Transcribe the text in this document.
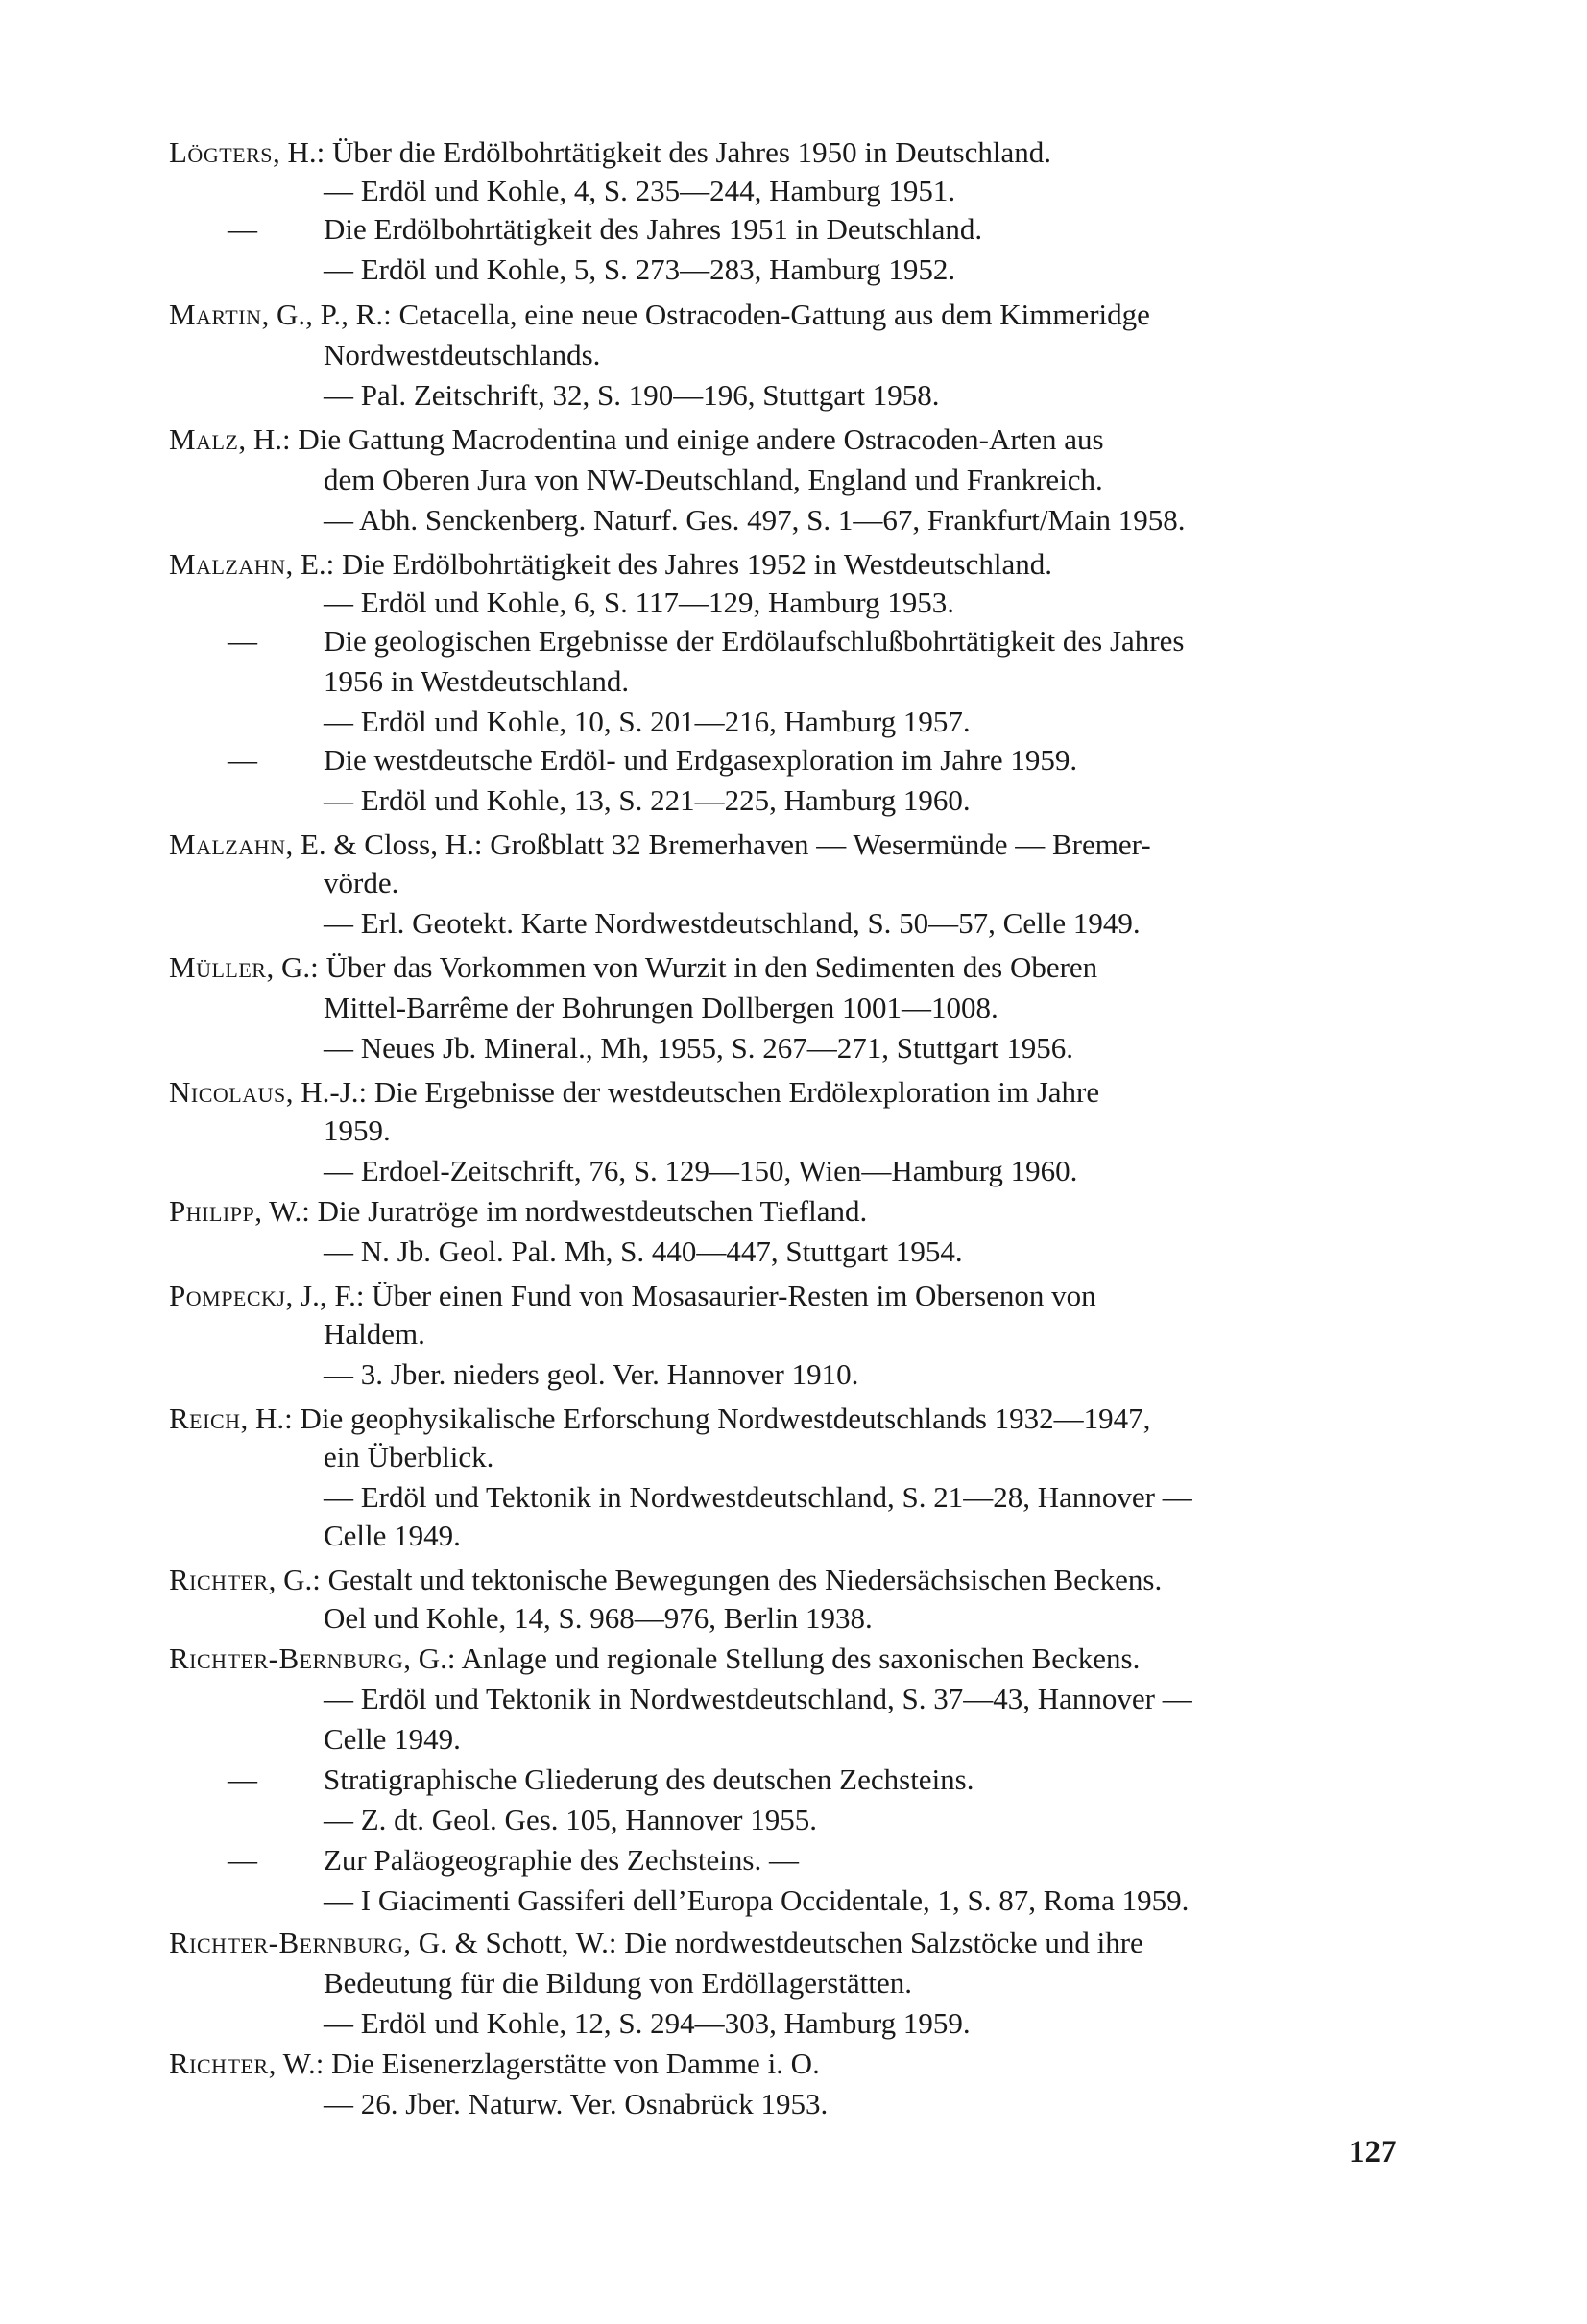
Lögters, H.: Über die Erdölbohrtätigkeit des Jahres 1950 in Deutschland.
— Erdöl und Kohle, 4, S. 235—244, Hamburg 1951.
— Die Erdölbohrtätigkeit des Jahres 1951 in Deutschland.
— Erdöl und Kohle, 5, S. 273—283, Hamburg 1952.
Martin, G., P., R.: Cetacella, eine neue Ostracoden-Gattung aus dem Kimmeridge
Nordwestdeutschlands.
— Pal. Zeitschrift, 32, S. 190—196, Stuttgart 1958.
Malz, H.: Die Gattung Macrodentina und einige andere Ostracoden-Arten aus
dem Oberen Jura von NW-Deutschland, England und Frankreich.
— Abh. Senckenberg. Naturf. Ges. 497, S. 1—67, Frankfurt/Main 1958.
Malzahn, E.: Die Erdölbohrtätigkeit des Jahres 1952 in Westdeutschland.
— Erdöl und Kohle, 6, S. 117—129, Hamburg 1953.
— Die geologischen Ergebnisse der Erdölaufschlußbohrtätigkeit des Jahres
1956 in Westdeutschland.
— Erdöl und Kohle, 10, S. 201—216, Hamburg 1957.
— Die westdeutsche Erdöl- und Erdgasexploration im Jahre 1959.
— Erdöl und Kohle, 13, S. 221—225, Hamburg 1960.
Malzahn, E. & Closs, H.: Großblatt 32 Bremerhaven — Wesermünde — Bremer-
vörde.
— Erl. Geotekt. Karte Nordwestdeutschland, S. 50—57, Celle 1949.
Müller, G.: Über das Vorkommen von Wurzit in den Sedimenten des Oberen
Mittel-Barrême der Bohrungen Dollbergen 1001—1008.
— Neues Jb. Mineral., Mh, 1955, S. 267—271, Stuttgart 1956.
Nicolaus, H.-J.: Die Ergebnisse der westdeutschen Erdölexploration im Jahre
1959.
— Erdoel-Zeitschrift, 76, S. 129—150, Wien—Hamburg 1960.
Philipp, W.: Die Juratröge im nordwestdeutschen Tiefland.
— N. Jb. Geol. Pal. Mh, S. 440—447, Stuttgart 1954.
Pompeckj, J., F.: Über einen Fund von Mosasaurier-Resten im Obersenon von
Haldem.
— 3. Jber. nieders geol. Ver. Hannover 1910.
Reich, H.: Die geophysikalische Erforschung Nordwestdeutschlands 1932—1947,
ein Überblick.
— Erdöl und Tektonik in Nordwestdeutschland, S. 21—28, Hannover —
Celle 1949.
Richter, G.: Gestalt und tektonische Bewegungen des Niedersächsischen Beckens.
Oel und Kohle, 14, S. 968—976, Berlin 1938.
Richter-Bernburg, G.: Anlage und regionale Stellung des saxonischen Beckens.
— Erdöl und Tektonik in Nordwestdeutschland, S. 37—43, Hannover —
Celle 1949.
— Stratigraphische Gliederung des deutschen Zechsteins.
— Z. dt. Geol. Ges. 105, Hannover 1955.
— Zur Paläogeographie des Zechsteins. —
— I Giacimenti Gassiferi dell’Europa Occidentale, 1, S. 87, Roma 1959.
Richter-Bernburg, G. & Schott, W.: Die nordwestdeutschen Salzstöcke und ihre
Bedeutung für die Bildung von Erdöllagerstätten.
— Erdöl und Kohle, 12, S. 294—303, Hamburg 1959.
Richter, W.: Die Eisenerzlagerstätte von Damme i. O.
— 26. Jber. Naturw. Ver. Osnabrück 1953.
127
